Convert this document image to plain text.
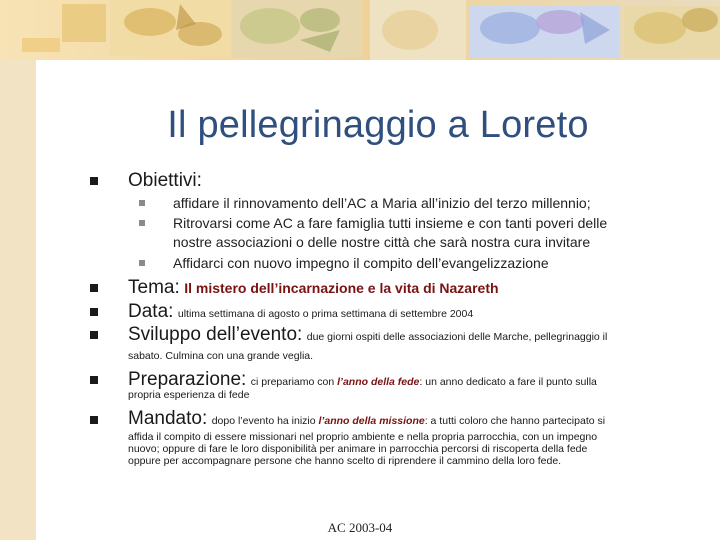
Il pellegrinaggio a Loreto
Obiettivi:
affidare il rinnovamento dell’AC a Maria all’inizio del terzo millennio;
Ritrovarsi come AC a fare famiglia tutti insieme e con tanti poveri delle
nostre associazioni o delle nostre città che sarà nostra cura invitare
Affidarci con nuovo impegno il compito dell’evangelizzazione
Tema: Il mistero dell’incarnazione e la vita di Nazareth
Data: ultima settimana di agosto o prima settimana di settembre 2004
Sviluppo dell’evento: due giorni ospiti delle associazioni delle Marche, pellegrinaggio il
sabato. Culmina con una grande veglia.
Preparazione: ci prepariamo con l’anno della fede: un anno dedicato a fare il punto sulla
propria esperienza di fede
Mandato: dopo l’evento ha inizio l’anno della missione: a tutti coloro che hanno partecipato si
affida il compito di essere missionari nel proprio ambiente e nella propria parrocchia, con un impegno
nuovo; oppure di fare le loro disponibilità per animare in parrocchia percorsi di riscoperta della fede
oppure per accompagnare persone che hanno scelto di riprendere il cammino della loro fede.
AC 2003-04
